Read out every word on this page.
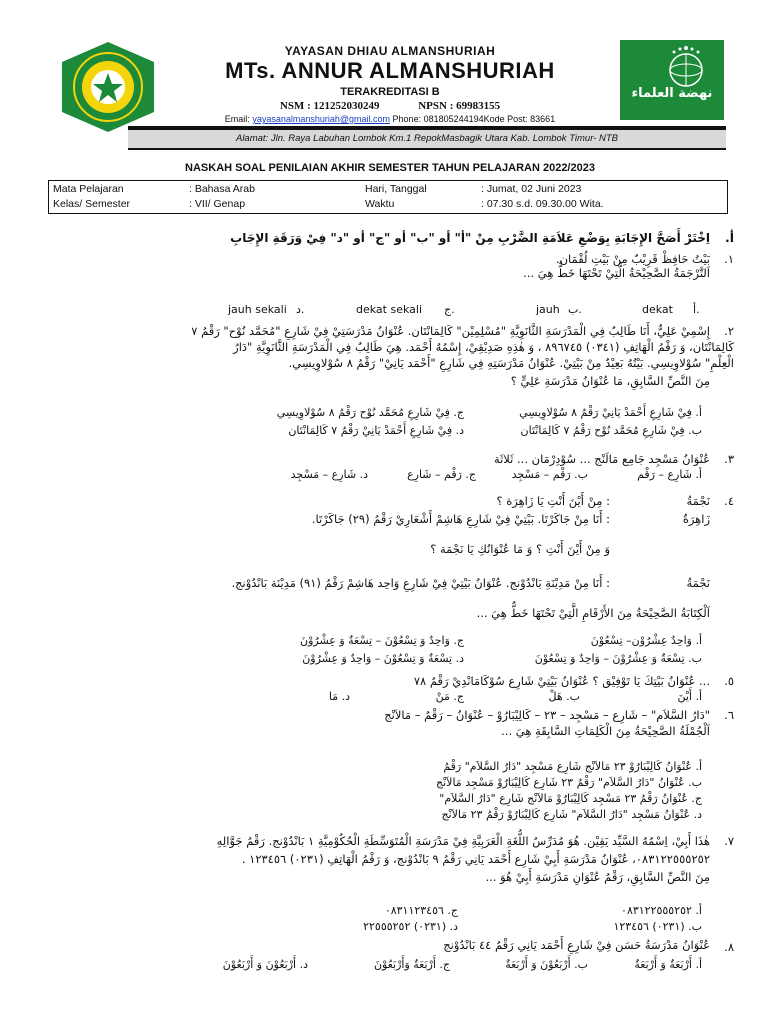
نهضة العلماء
YAYASAN DHIAU ALMANSHURIAH
MTs. ANNUR ALMANSHURIAH
TERAKREDITASI B
NSM : 121252030249	NPSN : 69983155
Email: yayasanalmanshuriah@gmail.com Phone: 081805244194Kode Post: 83661
Alamat: Jln. Raya Labuhan Lombok Km.1 RepokMasbagik Utara Kab. Lombok Timur- NTB
NASKAH SOAL PENILAIAN AKHIR SEMESTER TAHUN PELAJARAN 2022/2023
Mata Pelajaran	: Bahasa Arab	Hari, Tanggal	: Jumat, 02 Juni 2023
Kelas/ Semester	: VII/ Genap	Waktu	: 07.30 s.d. 09.30.00 Wita.
أ.
اِخْتَرْ أَصَحَّ الإِجَابَةِ بِوَضْعِ عَلاَمَةِ الضَّرْبِ مِنْ "أ" أو "ب" أو "ج" أو "د" فِيْ وَرَقَةِ الإِجَابِ
١.
بَيْتُ حَافِظْ قَرِيْبٌ مِنْ بَيْتِ لُقْمَان.
اَلتَّرْجَمَةُ الصَّحِيْحَةُ الَّتِيْ تَحْتَهَا خَطٌّ هِيَ ...
أ.
dekat
ب.
jauh
ج.
dekat sekali
د.
jauh sekali
٢.
إِسْمِيْ عَلِيٌّ، أَنَا طَالِبٌ فِي الْمَدْرَسَةِ الثَّانَوِيَّةِ "مُسْلِمِيْن" كَالِمَانْتَان. عُنْوَانُ مَدْرَسَتِيْ فِيْ شَارِعِ "مُحَمَّد نُوْح" رَقْمُ ٧
كَالِمَانْتَان، وَ رَقْمُ الْهَاتِفِ (٠٣٤١) ٨٩٦٧٤٥ ، وَ هٰذِهِ صَدِيْقِيْ، إِسْمُهُ أَحْمَد. هِيَ طَالِبٌ فِي الْمَدْرَسَةِ الثَّانَوِيَّةِ "دَارُ
الْعِلْمِ" سُوْلاوِيسِي. بَيْتُهُ بَعِيْدٌ مِنْ بَيْتِيْ. عُنْوَانُ مَدْرَسَتِهِ فِي شَارِعِ "أَحْمَد يَانِيْ" رَقْمُ ٨ سُوْلاوِيسِي.
مِنَ النَّصِّ السَّابِقِ، مَا عُنْوَانُ مَدْرَسَةِ عَلِيٍّ ؟
أ. فِيْ شَارِعِ أَحْمَدْ يَانِيْ رَقْمُ ٨ سُوْلاوِيسِي
ج. فِيْ شَارِعِ مُحَمَّد نُوْح رَقْمُ ٨ سُوْلاوِيسِي
ب. فِيْ شَارِعِ مُحَمَّد نُوْح رَقْمُ ٧ كَالِمَانْتَان
د. فِيْ شَارِعِ أَحْمَدْ يَانِيْ رَقْمُ ٧ كَالِمَانْتَان
٣.
عُنْوَانُ مَسْجِد جَامِع مَالَنْج ... سُوْدِرْمَان ... ثَلاثَة
أ. شَارِع – رَقْم
ب. رَقْم – مَسْجِد
ج. رَقْم – شَارِع
د. شَارِع – مَسْجِد
٤.
نَجْمَةُ
: مِنْ أَيْنَ أَنْتِ يَا زَاهِرَة ؟
زَاهِرَةُ
: أَنَا مِنْ جَاكَرْتَا. بَيْتِيْ فِيْ شَارِعِ هَاشِمْ أَشْعَارِيْ رَقْمُ (٢٩) جَاكَرْتَا.
وَ مِنْ أَيْنَ أَنْتِ ؟ وَ مَا عُنْوَانُكِ يَا نَجْمَة ؟
نَجْمَةُ
: أَنَا مِنْ مَدِيْنَةِ بَانْدُوْنج. عُنْوَانُ بَيْتِيْ فِيْ شَارِعِ وَاحِد هَاشِمْ رَقْمُ (٩١) مَدِيْنَة بَانْدُوْنج.
اَلْكِتَابَةُ الصَّحِيْحَةُ مِنَ الأَرْقَامِ الَّتِيْ تَحْتَهَا خَطٌّ هِيَ ...
أ. وَاحِدٌ عِشْرُوْن– تِسْعُوْنَ
ج. وَاحِدٌ وَ تِسْعُوْنَ – تِسْعَةٌ وَ عِشْرُوْنَ
ب. تِسْعَةٌ وَ عِشْرُوْنَ – وَاحِدٌ وَ تِسْعُوْنَ
د. تِسْعَةٌ وَ تِسْعُوْنَ – وَاحِدٌ وَ عِشْرُوْنَ
٥.
... عُنْوَانُ بَيْتِكَ يَا تَوْفِيْق ؟ عُنْوَانُ بَيْتِيْ شَارِع سُوْكَامَانْدِيْ رَقْمُ ٧٨
أ. أَيْنَ
ب. هَلْ
ج. مَنْ
د. مَا
٦.
"دَارُ السَّلاَم" – شَارِع – مَسْجِد – ٢٣ – كَالِيْبَارُوْ – عُنْوَانُ – رَقْمُ – مَالاَنْج
اَلْجُمْلَةُ الصَّحِيْحَةُ مِنَ الْكَلِمَاتِ السَّابِقَةِ هِيَ ...
أ. عُنْوَانُ كَالِيْبَارُوْ ٢٣ مَالاَنْج شَارِع مَسْجِد "دَارُ السَّلاَم" رَقْمُ
ب. عُنْوَانُ "دَارُ السَّلاَم" رَقْمُ ٢٣ شَارِع كَالِيْبَارُوْ مَسْجِد مَالاَنْج
ج. عُنْوَانُ رَقْمُ ٢٣ مَسْجِد كَالِيْبَارُوْ مَالاَنْج شَارِع "دَارُ السَّلاَم"
د. عُنْوَانُ مَسْجِد "دَارُ السَّلاَم" شَارِع كَالِيْبَارُوْ رَقْمُ ٢٣ مَالاَنْج
٧.
هٰذَا أَبِيْ، اِسْمُهُ السَّيِّد يَقِيْن. هُوَ مُدَرِّسُ اللُّغَةِ الْعَرَبِيَّةِ فِيْ مَدْرَسَةِ الْمُتَوَسِّطَةِ الْحُكُوْمِيَّةِ ١ بَانْدُوْنج. رَقْمُ جَوَّالِهِ
٠٨٣١٢٢٥٥٥٢٥٢، عُنْوَانُ مَدْرَسَةِ أَبِيْ شَارِع أَحْمَد يَانِي رَقْمُ ٩ بَانْدُوْنج، وَ رَقْمُ الْهَاتِفِ (٠٢٣١) ١٢٣٤٥٦ .
مِنَ النَّصِّ السَّابِقِ، رَقْمُ عُنْوَانِ مَدْرَسَةِ أَبِيْ هُوَ ...
أ. ٠٨٣١٢٢٥٥٥٢٥٢
ج. ٠٨٣١١٢٣٤٥٦
ب. (٠٢٣١) ١٢٣٤٥٦
د. (٠٢٣١) ٢٢٥٥٥٢٥٢
٨.
عُنْوَانُ مَدْرَسَةُ حَسَن فِيْ شَارِعِ أَحْمَد يَانِي رَقْمُ ٤٤ بَانْدُوْنج
أ. أَرْبَعَةٌ وَ أَرْبَعَةٌ
ب. أَرْبَعُوْنَ وَ أَرْبَعَةٌ
ج. أَرْبَعَةٌ وَأَرْبَعُوْنَ
د. أَرْبَعُوْنَ وَ أَرْبَعُوْنَ
